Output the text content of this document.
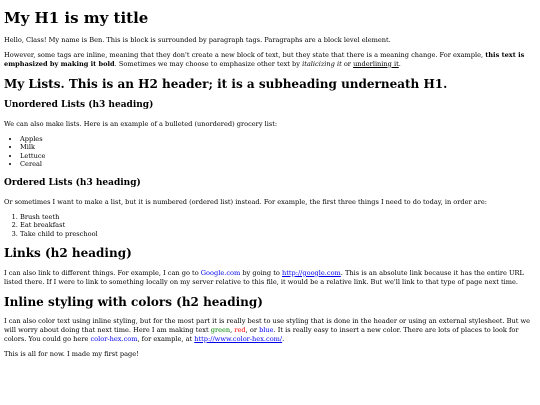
My H1 is my title

Hello, Class! My name is Ben. This is block is surrounded by paragraph tags. Paragraphs are a block level element.

However, some tags are inline, meaning that they don't create a new block of text, but they state that there is a meaning change. For example, this text is emphasized by making it bold. Sometimes we may choose to emphasize other text by italicizing it or underlining it.

My Lists. This is an H2 header; it is a subheading underneath H1.
Unordered Lists (h3 heading)

We can also make lists. Here is an example of a bulleted (unordered) grocery list:

• Apples
• Milk
• Lettuce
• Cereal
Ordered Lists (h3 heading)

Or sometimes I want to make a list, but it is numbered (ordered list) instead. For example, the first three things I need to do today, in order are:

1. Brush teeth
2. Eat breakfast
3. Take child to preschool
Links (h2 heading)

I can also link to different things. For example, I can go to Google.com by going to http://google.com. This is an absolute link because it has the entire URL listed there. If I were to link to something locally on my server relative to this file, it would be a relative link. But we'll link to that type of page next time.

Inline styling with colors (h2 heading)

I can also color text using inline styling, but for the most part it is really best to use styling that is done in the header or using an external stylesheet. But we will worry about doing that next time. Here I am making text green, red, or blue. It is really easy to insert a new color. There are lots of places to look for colors. You could go here color-hex.com, for example, at http://www.color-hex.com/.

This is all for now. I made my first page!
